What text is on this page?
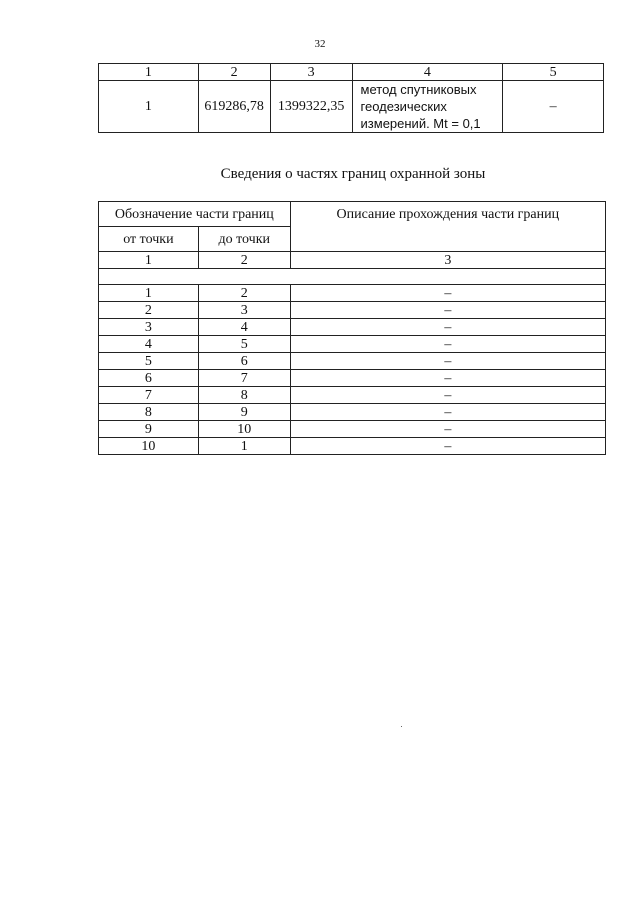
32
1	2	3	4	5
1	619286,78	1399322,35	метод спутниковых
геодезических
измерений. Mt = 0,1	–
Сведения о частях границ охранной зоны
Обозначение части границ		Описание прохождения части границ
от точки	до точки	
1	2	3

1	2	–
2	3	–
3	4	–
4	5	–
5	6	–
6	7	–
7	8	–
8	9	–
9	10	–
10	1	–
